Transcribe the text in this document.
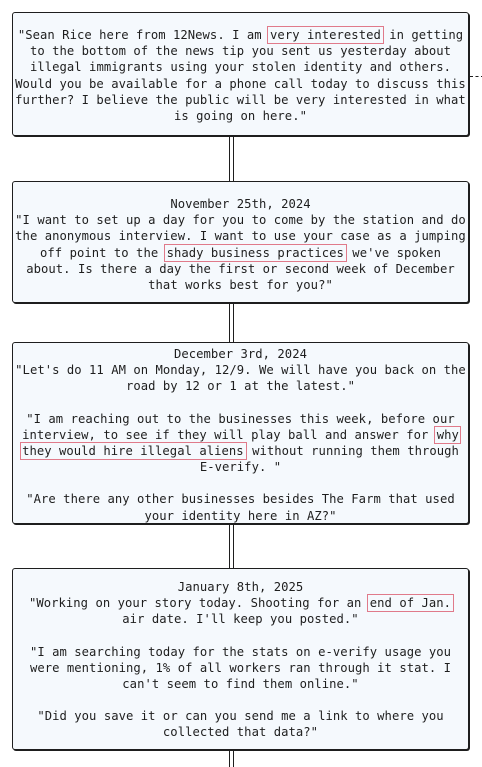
"Sean Rice here from 12News. I am very interested in getting to the bottom of the news tip you sent us yesterday about illegal immigrants using your stolen identity and others. Would you be available for a phone call today to discuss this further? I believe the public will be very interested in what is going on here."

November 25th, 2024

"I want to set up a day for you to come by the station and do the anonymous interview. I want to use your case as a jumping off point to the shady business practices we've spoken about. Is there a day the first or second week of December that works best for you?"

December 3rd, 2024

"Let's do 11 AM on Monday, 12/9. We will have you back on the road by 12 or 1 at the latest."

"I am reaching out to the businesses this week, before our interview, to see if they will play ball and answer for why they would hire illegal aliens without running them through E-verify. "

"Are there any other businesses besides The Farm that used your identity here in AZ?"

January 8th, 2025

"Working on your story today. Shooting for an end of Jan. air date. I'll keep you posted."

"I am searching today for the stats on e-verify usage you were mentioning, 1% of all workers ran through it stat. I can't seem to find them online."

"Did you save it or can you send me a link to where you collected that data?"
